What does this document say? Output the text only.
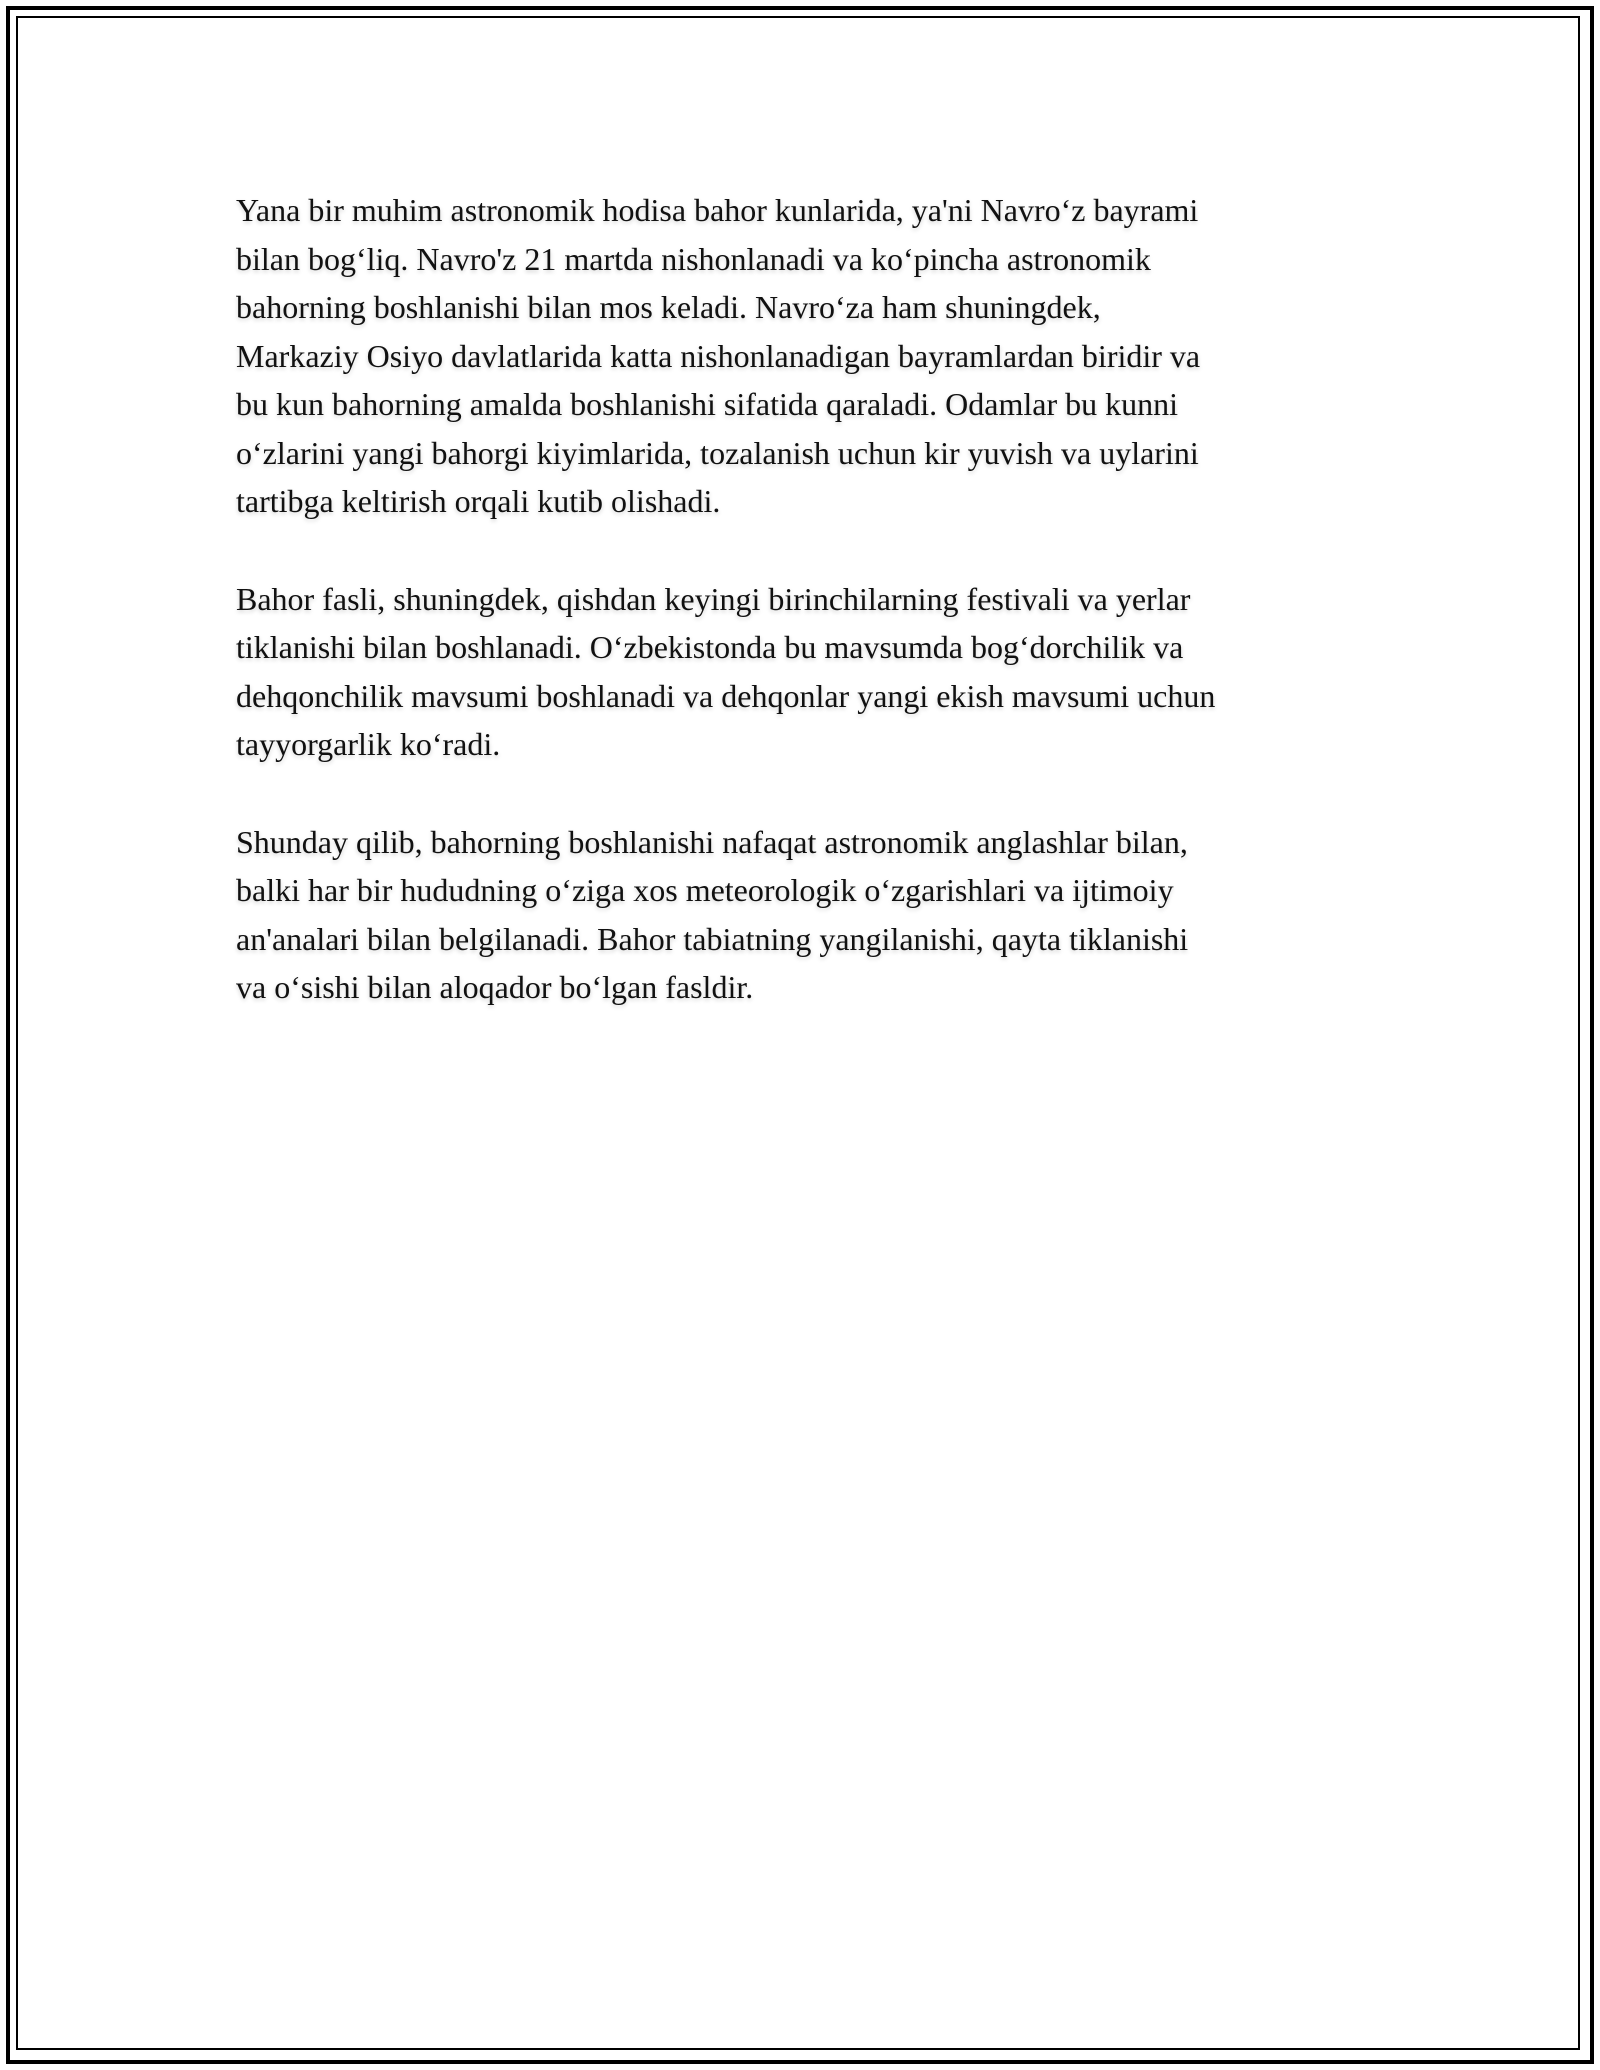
Yana bir muhim astronomik hodisa bahor kunlarida, ya'ni Navro‘z bayrami
bilan bog‘liq. Navro'z 21 martda nishonlanadi va ko‘pincha astronomik
bahorning boshlanishi bilan mos keladi. Navro‘za ham shuningdek,
Markaziy Osiyo davlatlarida katta nishonlanadigan bayramlardan biridir va
bu kun bahorning amalda boshlanishi sifatida qaraladi. Odamlar bu kunni
o‘zlarini yangi bahorgi kiyimlarida, tozalanish uchun kir yuvish va uylarini
tartibga keltirish orqali kutib olishadi.

Bahor fasli, shuningdek, qishdan keyingi birinchilarning festivali va yerlar
tiklanishi bilan boshlanadi. O‘zbekistonda bu mavsumda bog‘dorchilik va
dehqonchilik mavsumi boshlanadi va dehqonlar yangi ekish mavsumi uchun
tayyorgarlik ko‘radi.

Shunday qilib, bahorning boshlanishi nafaqat astronomik anglashlar bilan,
balki har bir hududning o‘ziga xos meteorologik o‘zgarishlari va ijtimoiy
an'analari bilan belgilanadi. Bahor tabiatning yangilanishi, qayta tiklanishi
va o‘sishi bilan aloqador bo‘lgan fasldir.
